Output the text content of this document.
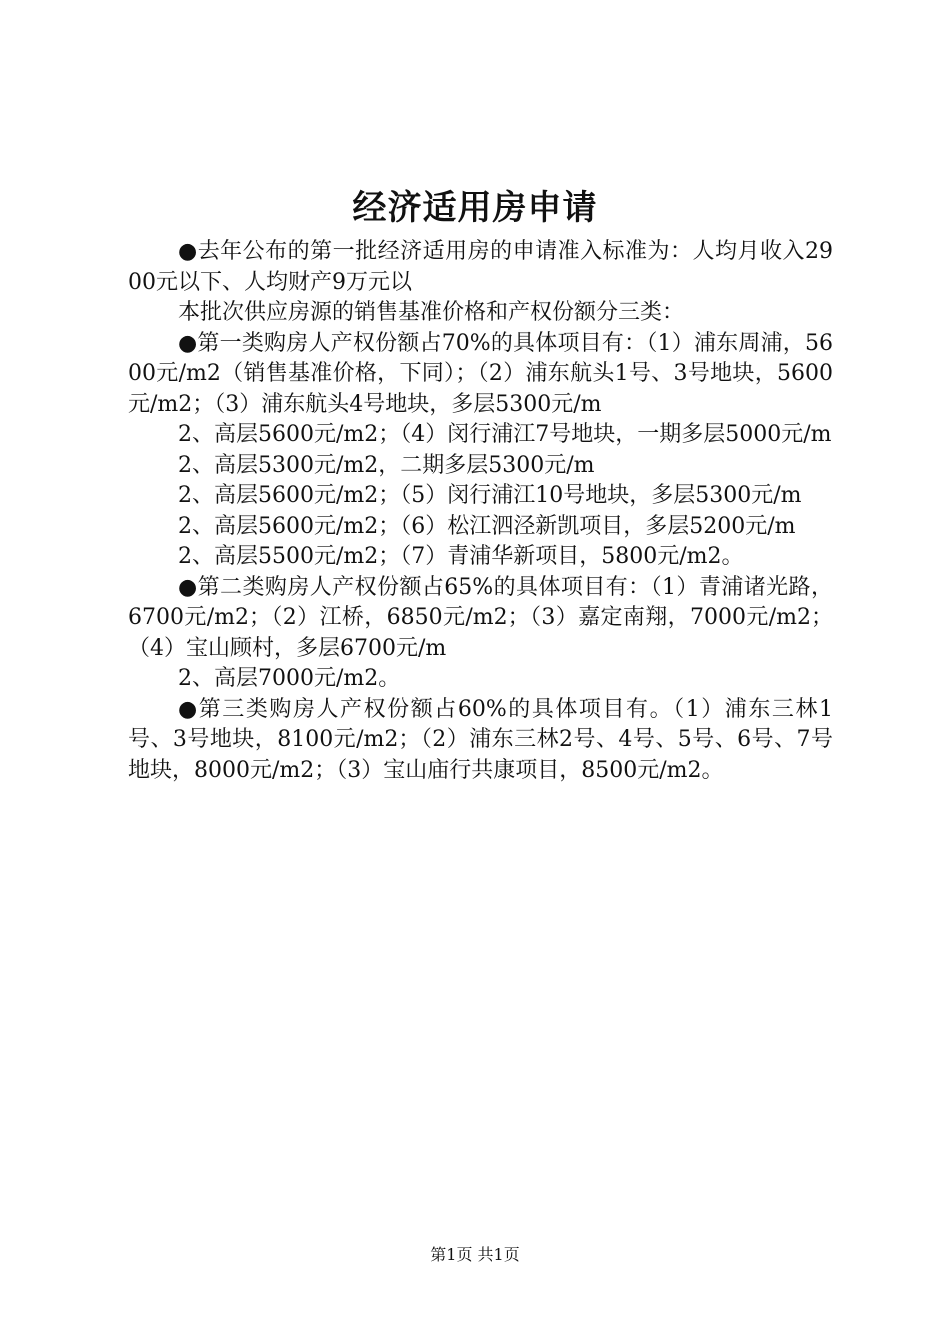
经济适用房申请

●去年公布的第一批经济适用房的申请准入标准为：人均月收入2900元以下、人均财产9万元以

本批次供应房源的销售基准价格和产权份额分三类：

●第一类购房人产权份额占70%的具体项目有：（1）浦东周浦，5600元/m2（销售基准价格，下同）；（2）浦东航头1号、3号地块，5600元/m2；（3）浦东航头4号地块，多层5300元/m

2、高层5600元/m2；（4）闵行浦江7号地块，一期多层5000元/m

2、高层5300元/m2，二期多层5300元/m

2、高层5600元/m2；（5）闵行浦江10号地块，多层5300元/m

2、高层5600元/m2；（6）松江泗泾新凯项目，多层5200元/m

2、高层5500元/m2；（7）青浦华新项目，5800元/m2。

●第二类购房人产权份额占65%的具体项目有：（1）青浦诸光路，6700元/m2；（2）江桥，6850元/m2；（3）嘉定南翔，7000元/m2；（4）宝山顾村，多层6700元/m

2、高层7000元/m2。

●第三类购房人产权份额占60%的具体项目有。（1）浦东三林1号、3号地块，8100元/m2；（2）浦东三林2号、4号、5号、6号、7号地块，8000元/m2；（3）宝山庙行共康项目，8500元/m2。

第1页 共1页
